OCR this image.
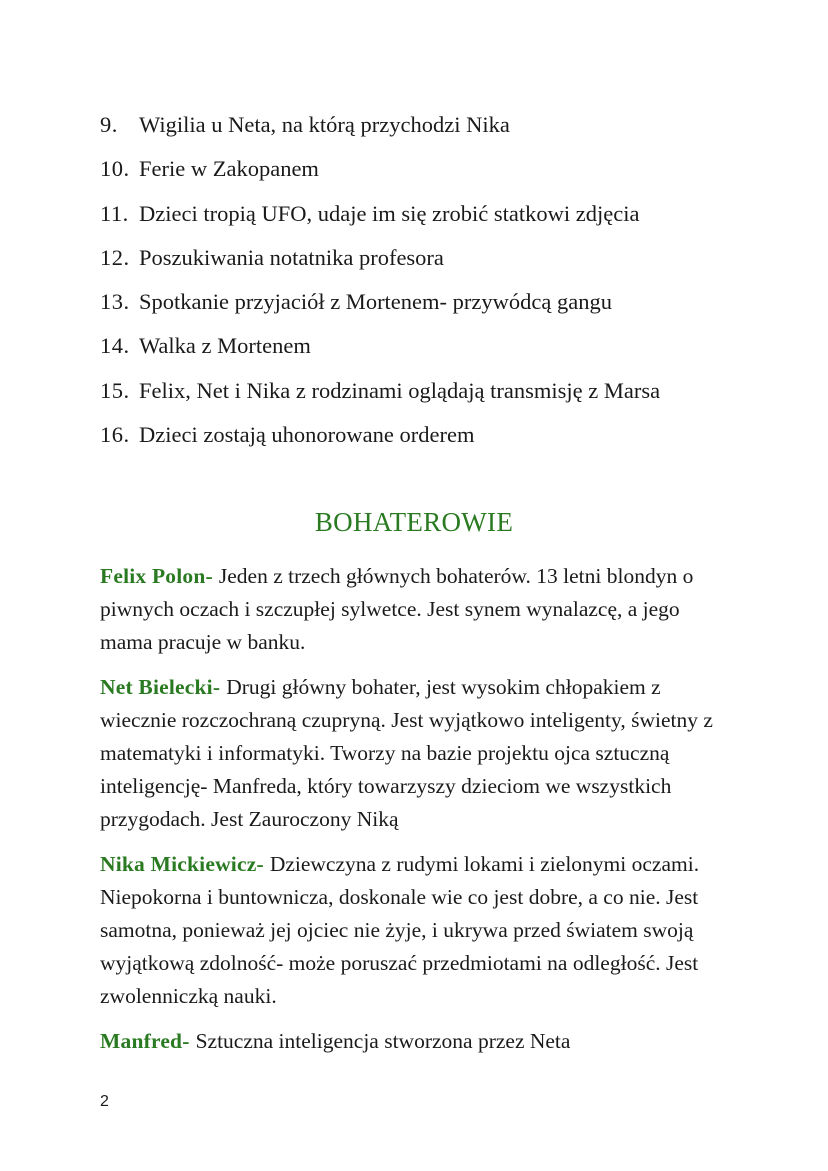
9. Wigilia u Neta, na którą przychodzi Nika
10. Ferie w Zakopanem
11. Dzieci tropią UFO, udaje im się zrobić statkowi zdjęcia
12. Poszukiwania notatnika profesora
13. Spotkanie przyjaciół z Mortenem- przywódcą gangu
14. Walka z Mortenem
15. Felix, Net i Nika z rodzinami oglądają transmisję z Marsa
16. Dzieci zostają uhonorowane orderem
BOHATEROWIE

Felix Polon- Jeden z trzech głównych bohaterów. 13 letni blondyn o piwnych oczach i szczupłej sylwetce. Jest synem wynalazcę, a jego mama pracuje w banku.

Net Bielecki- Drugi główny bohater, jest wysokim chłopakiem z wiecznie rozczochraną czupryną. Jest wyjątkowo inteligenty, świetny z matematyki i informatyki. Tworzy na bazie projektu ojca sztuczną inteligencję- Manfreda, który towarzyszy dzieciom we wszystkich przygodach. Jest Zauroczony Niką

Nika Mickiewicz- Dziewczyna z rudymi lokami i zielonymi oczami. Niepokorna i buntownicza, doskonale wie co jest dobre, a co nie. Jest samotna, ponieważ jej ojciec nie żyje, i ukrywa przed światem swoją wyjątkową zdolność- może poruszać przedmiotami na odległość. Jest zwolenniczką nauki.

Manfred- Sztuczna inteligencja stworzona przez Neta

2
